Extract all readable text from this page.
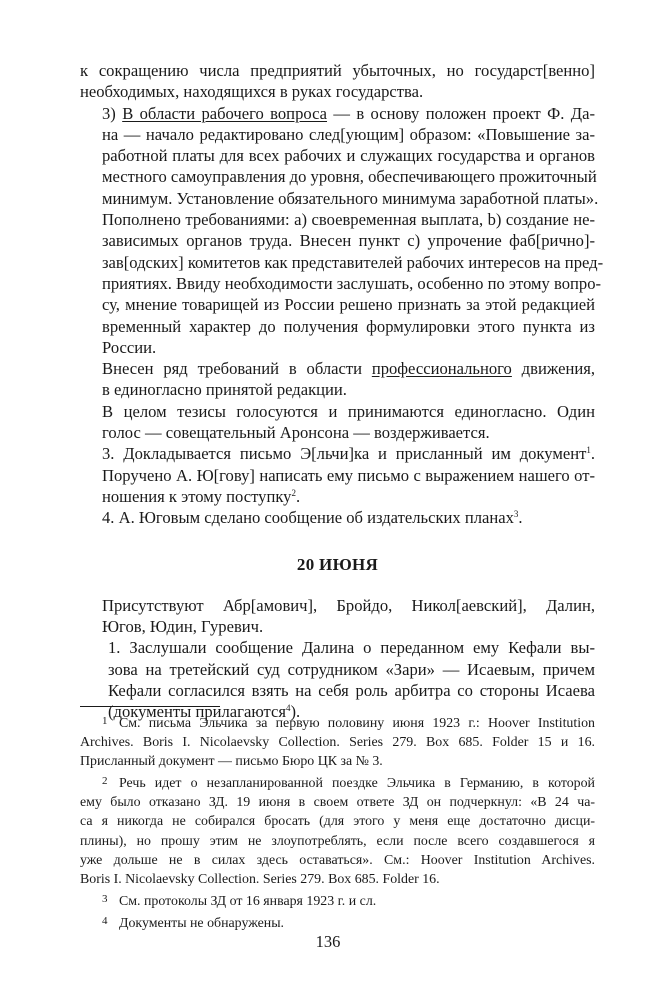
к сокращению числа предприятий убыточных, но государст[венно]
необходимых, находящихся в руках государства.

3) В области рабочего вопроса — в основу положен проект Ф. Да-
на — начало редактировано след[ующим] образом: «Повышение за-
работной платы для всех рабочих и служащих государства и органов
местного самоуправления до уровня, обеспечивающего прожиточный
минимум. Установление обязательного минимума заработной платы».
Пополнено требованиями: а) своевременная выплата, b) создание не-
зависимых органов труда. Внесен пункт с) упрочение фаб[рично]-
зав[одских] комитетов как представителей рабочих интересов на пред-
приятиях. Ввиду необходимости заслушать, особенно по этому вопро-
су, мнение товарищей из России решено признать за этой редакцией
временный характер до получения формулировки этого пункта из
России.

Внесен ряд требований в области профессионального движения,
в единогласно принятой редакции.

В целом тезисы голосуются и принимаются единогласно. Один
голос — совещательный Аронсона — воздерживается.

3. Докладывается письмо Э[льчи]ка и присланный им документ$^1$.
Поручено А. Ю[гову] написать ему письмо с выражением нашего от-
ношения к этому поступку$^2$.

4. А. Юговым сделано сообщение об издательских планах$^3$.

20 ИЮНЯ

Присутствуют Абр[амович], Бройдо, Никол[аевский], Далин,
Югов, Юдин, Гуревич.

1. Заслушали сообщение Далина о переданном ему Кефали вы-
зова на третейский суд сотрудником «Зари» — Исаевым, причем
Кефали согласился взять на себя роль арбитра со стороны Исаева
(документы прилагаются$^4$).

1 См. письма Эльчика за первую половину июня 1923 г.: Hoover Institution
Archives. Boris I. Nicolaevsky Collection. Series 279. Box 685. Folder 15 и 16.
Присланный документ — письмо Бюро ЦК за № 3.

2 Речь идет о незапланированной поездке Эльчика в Германию, в которой
ему было отказано ЗД. 19 июня в своем ответе ЗД он подчеркнул: «В 24 ча-
са я никогда не собирался бросать (для этого у меня еще достаточно дисци-
плины), но прошу этим не злоупотреблять, если после всего создавшегося я
уже дольше не в силах здесь оставаться». См.: Hoover Institution Archives.
Boris I. Nicolaevsky Collection. Series 279. Box 685. Folder 16.

3 См. протоколы ЗД от 16 января 1923 г. и сл.

4 Документы не обнаружены.

136
